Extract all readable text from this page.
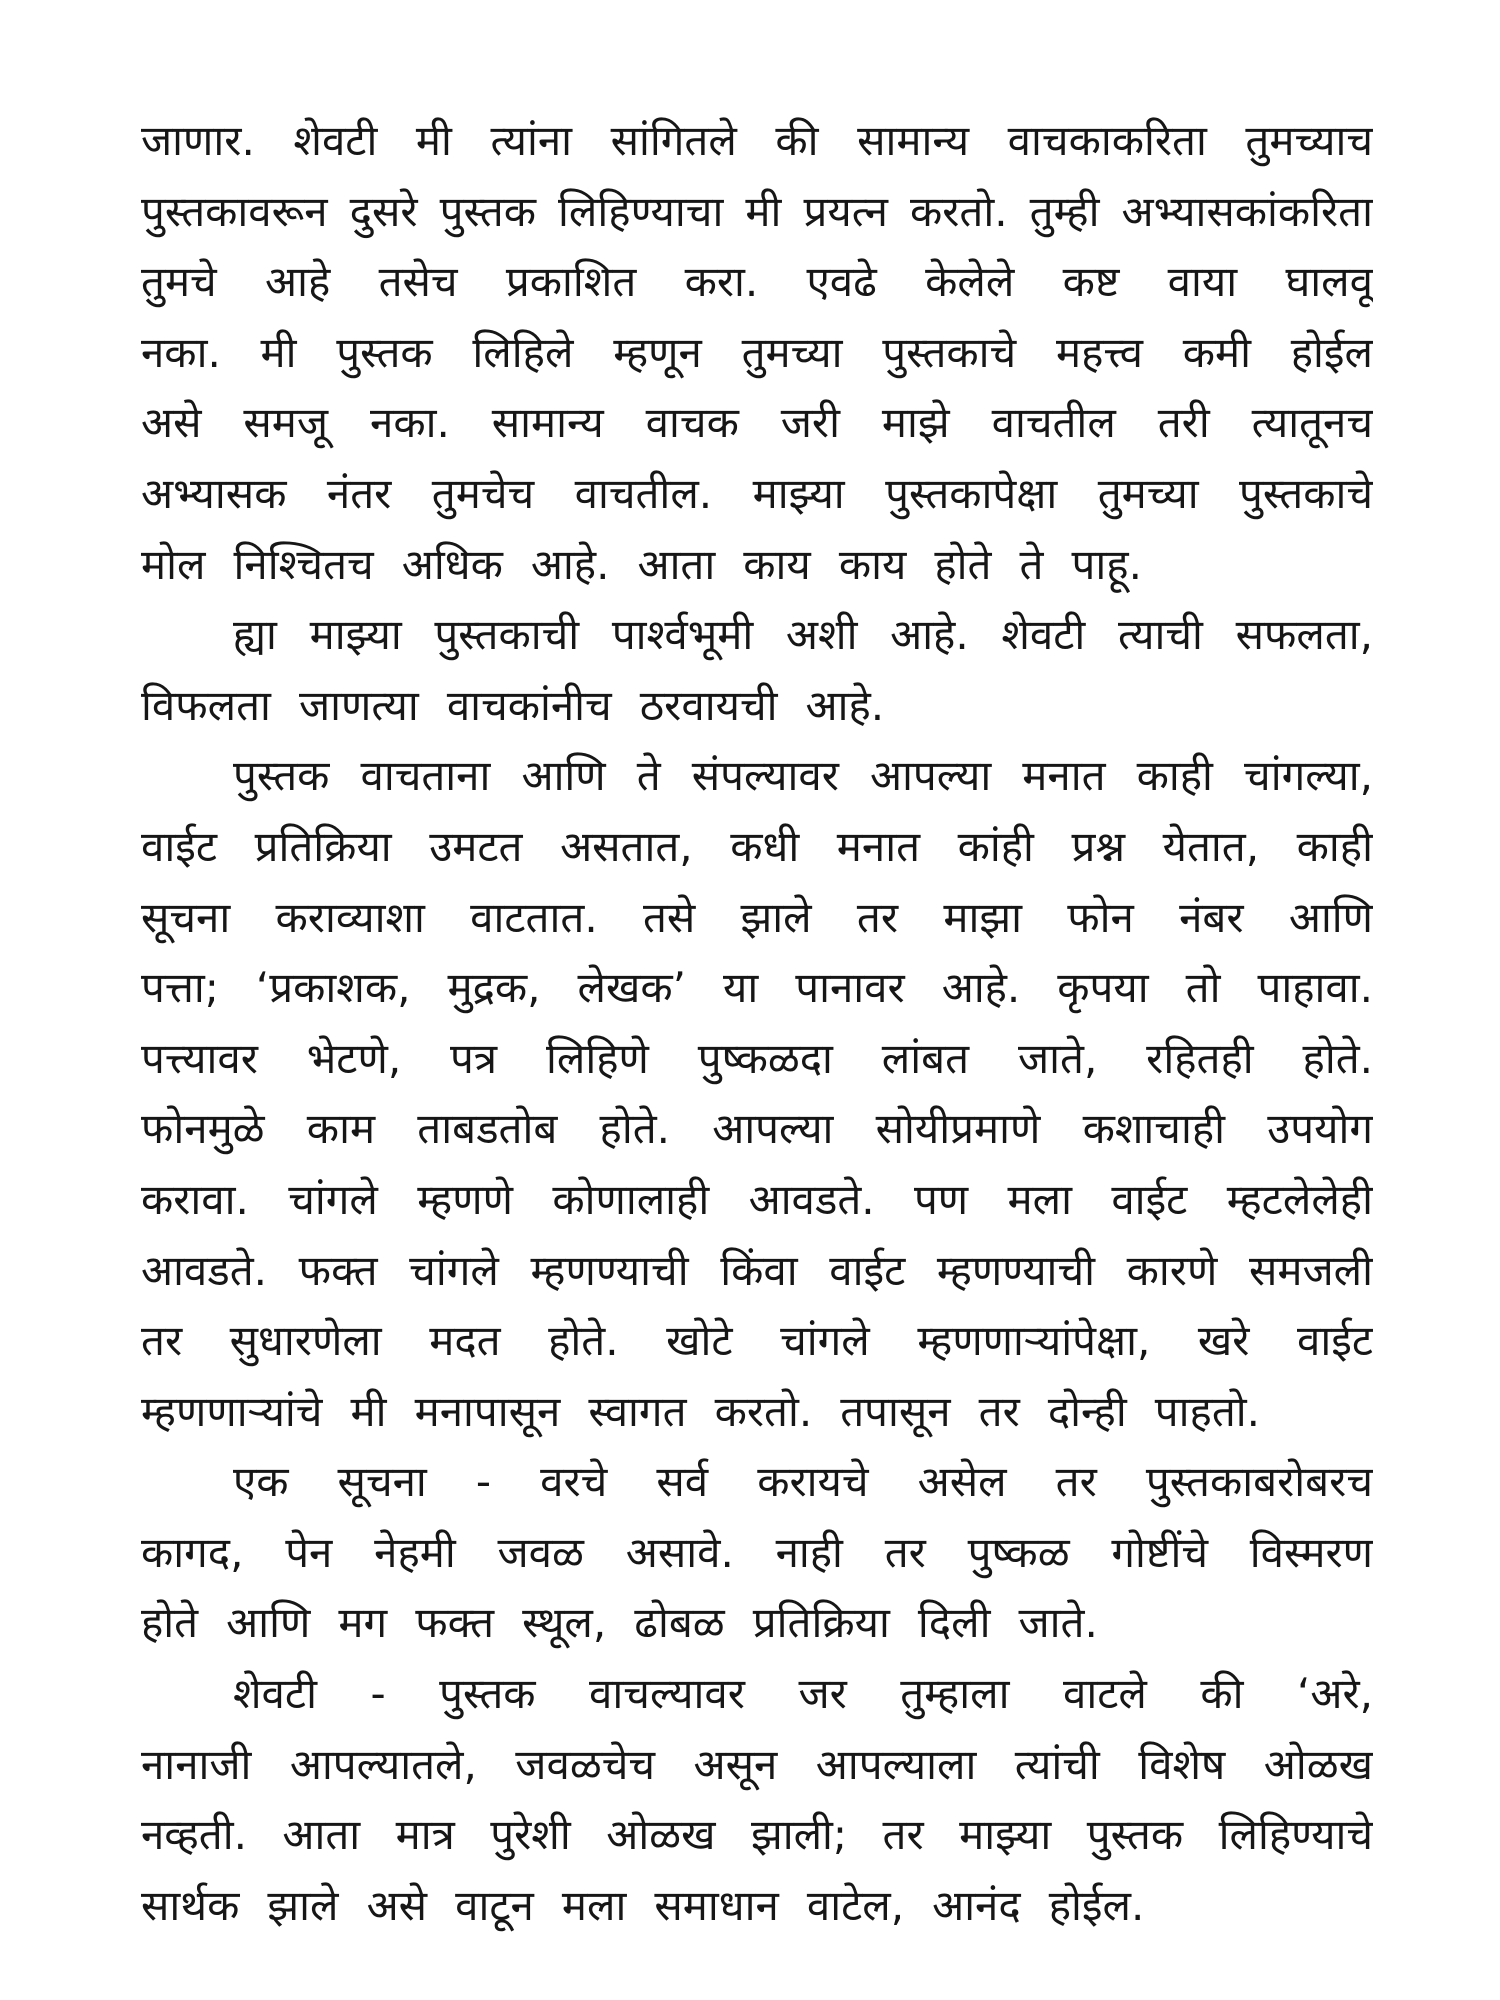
जाणार. शेवटी मी त्यांना सांगितले की सामान्य वाचकाकरिता तुमच्याच
पुस्तकावरून दुसरे पुस्तक लिहिण्याचा मी प्रयत्न करतो. तुम्ही अभ्यासकांकरिता
तुमचे आहे तसेच प्रकाशित करा. एवढे केलेले कष्ट वाया घालवू
नका. मी पुस्तक लिहिले म्हणून तुमच्या पुस्तकाचे महत्त्व कमी होईल
असे समजू नका. सामान्य वाचक जरी माझे वाचतील तरी त्यातूनच
अभ्यासक नंतर तुमचेच वाचतील. माझ्या पुस्तकापेक्षा तुमच्या पुस्तकाचे
मोल निश्चितच अधिक आहे. आता काय काय होते ते पाहू.
ह्या माझ्या पुस्तकाची पार्श्वभूमी अशी आहे. शेवटी त्याची सफलता,
विफलता जाणत्या वाचकांनीच ठरवायची आहे.
पुस्तक वाचताना आणि ते संपल्यावर आपल्या मनात काही चांगल्या,
वाईट प्रतिक्रिया उमटत असतात, कधी मनात कांही प्रश्न येतात, काही
सूचना कराव्याशा वाटतात. तसे झाले तर माझा फोन नंबर आणि
पत्ता; ‘प्रकाशक, मुद्रक, लेखक’ या पानावर आहे. कृपया तो पाहावा.
पत्त्यावर भेटणे, पत्र लिहिणे पुष्कळदा लांबत जाते, रहितही होते.
फोनमुळे काम ताबडतोब होते. आपल्या सोयीप्रमाणे कशाचाही उपयोग
करावा. चांगले म्हणणे कोणालाही आवडते. पण मला वाईट म्हटलेलेही
आवडते. फक्त चांगले म्हणण्याची किंवा वाईट म्हणण्याची कारणे समजली
तर सुधारणेला मदत होते. खोटे चांगले म्हणणाऱ्यांपेक्षा, खरे वाईट
म्हणणाऱ्यांचे मी मनापासून स्वागत करतो. तपासून तर दोन्ही पाहतो.
एक सूचना - वरचे सर्व करायचे असेल तर पुस्तकाबरोबरच
कागद, पेन नेहमी जवळ असावे. नाही तर पुष्कळ गोष्टींचे विस्मरण
होते आणि मग फक्त स्थूल, ढोबळ प्रतिक्रिया दिली जाते.
शेवटी - पुस्तक वाचल्यावर जर तुम्हाला वाटले की ‘अरे,
नानाजी आपल्यातले, जवळचेच असून आपल्याला त्यांची विशेष ओळख
नव्हती. आता मात्र पुरेशी ओळख झाली; तर माझ्या पुस्तक लिहिण्याचे
सार्थक झाले असे वाटून मला समाधान वाटेल, आनंद होईल.
